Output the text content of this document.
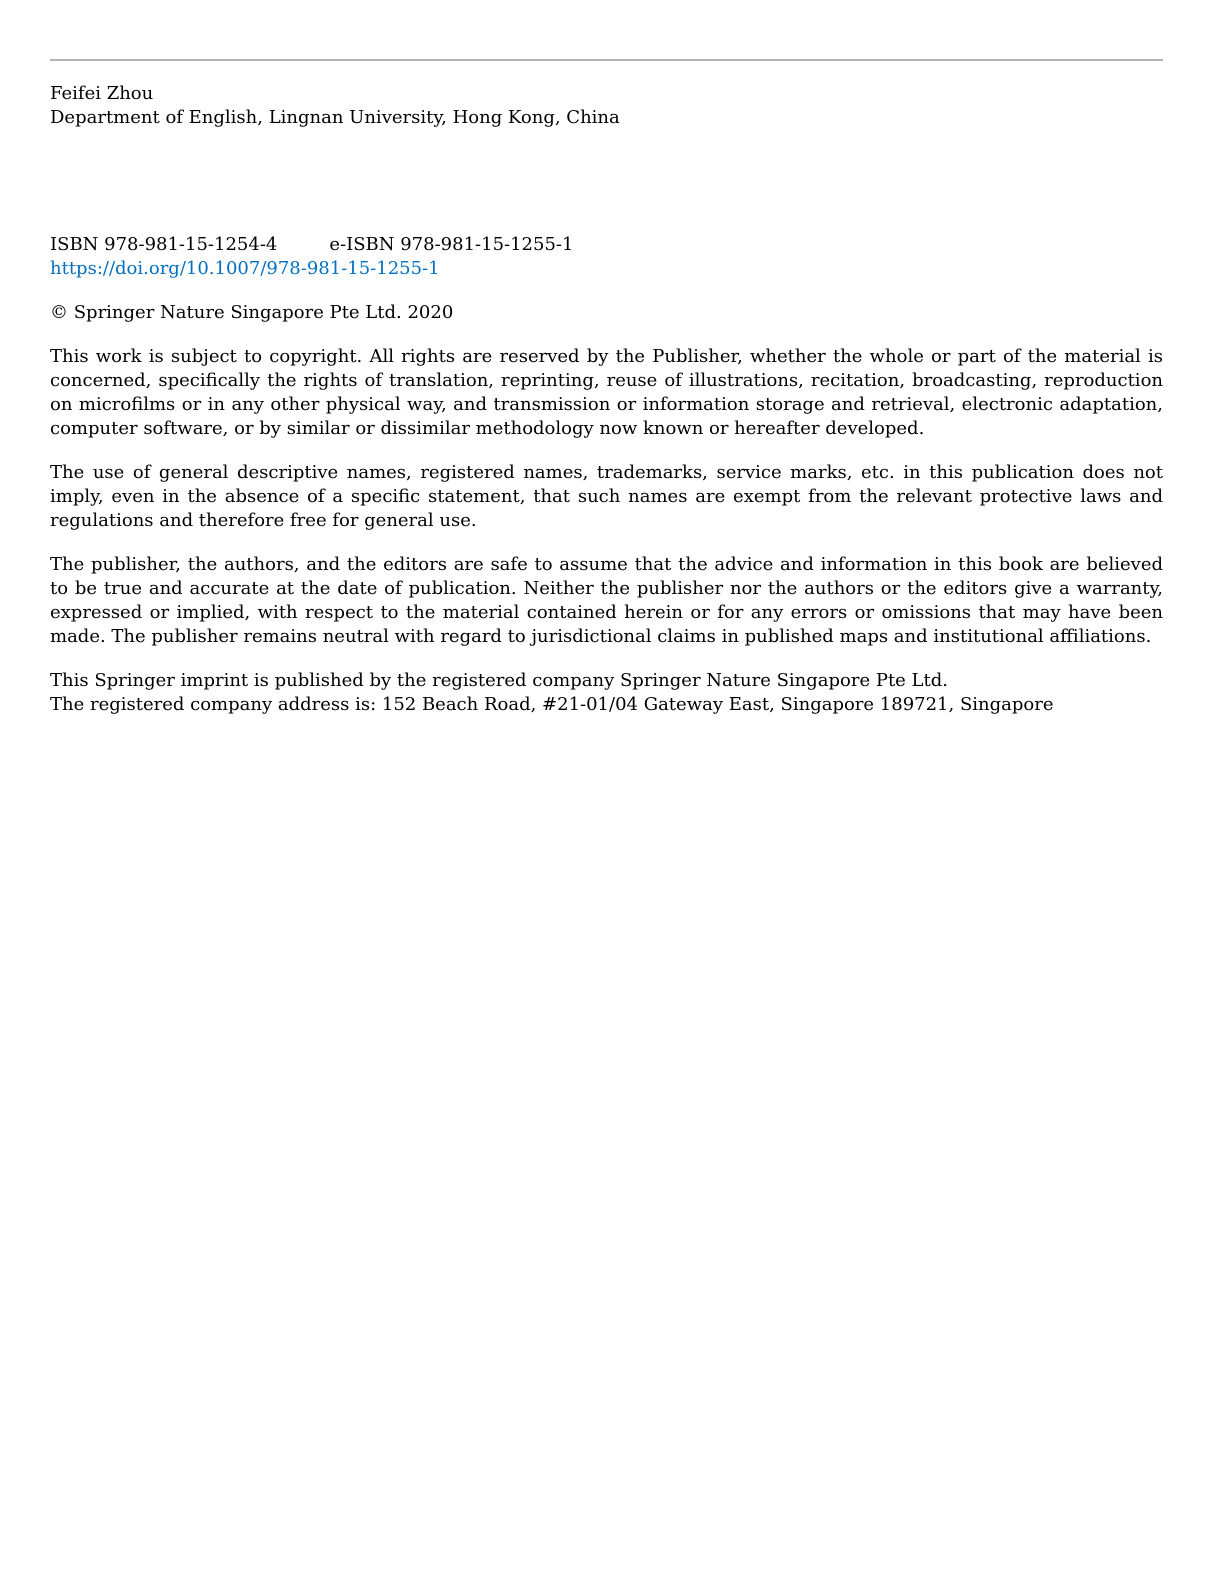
Feifei Zhou
Department of English, Lingnan University, Hong Kong, China
ISBN 978-981-15-1254-4	e-ISBN 978-981-15-1255-1
https://doi.org/10.1007/978-981-15-1255-1

© Springer Nature Singapore Pte Ltd. 2020

This work is subject to copyright. All rights are reserved by the Publisher, whether the whole or part of the material is concerned, specifically the rights of translation, reprinting, reuse of illustrations, recitation, broadcasting, reproduction on microfilms or in any other physical way, and transmission or information storage and retrieval, electronic adaptation, computer software, or by similar or dissimilar methodology now known or hereafter developed.

The use of general descriptive names, registered names, trademarks, service marks, etc. in this publication does not imply, even in the absence of a specific statement, that such names are exempt from the relevant protective laws and regulations and therefore free for general use.

The publisher, the authors, and the editors are safe to assume that the advice and information in this book are believed to be true and accurate at the date of publication. Neither the publisher nor the authors or the editors give a warranty, expressed or implied, with respect to the material contained herein or for any errors or omissions that may have been made. The publisher remains neutral with regard to jurisdictional claims in published maps and institutional affiliations.

This Springer imprint is published by the registered company Springer Nature Singapore Pte Ltd.
The registered company address is: 152 Beach Road, #21-01/04 Gateway East, Singapore 189721, Singapore
